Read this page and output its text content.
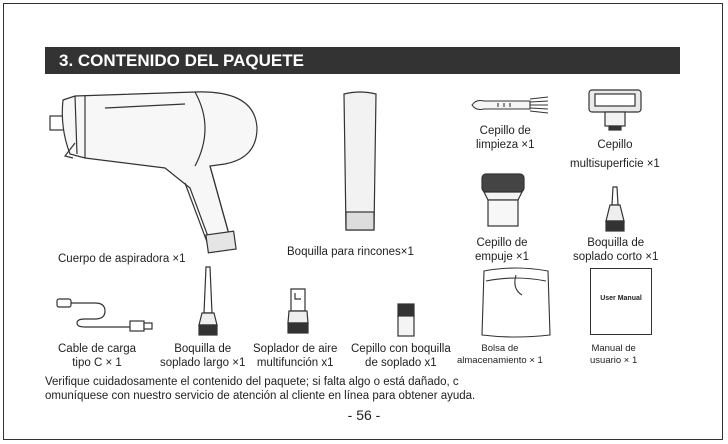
3. CONTENIDO DEL PAQUETE
Cuerpo de aspiradora ×1
Boquilla para rincones×1
Cepillo de
limpieza ×1	Cepillo
multisuperficie ×1
Cepillo de
empuje ×1
Boquilla de
soplado corto ×1
Cable de carga
tipo C × 1
Boquilla de
soplado largo ×1
Soplador de aire
multifunción x1
Cepillo con boquilla
de soplado x1
Bolsa de
almacenamiento × 1
User Manual
Manual de
usuario × 1
Verifique cuidadosamente el contenido del paquete; si falta algo o está dañado, c
omuníquese con nuestro servicio de atención al cliente en línea para obtener ayuda.
- 56 -
